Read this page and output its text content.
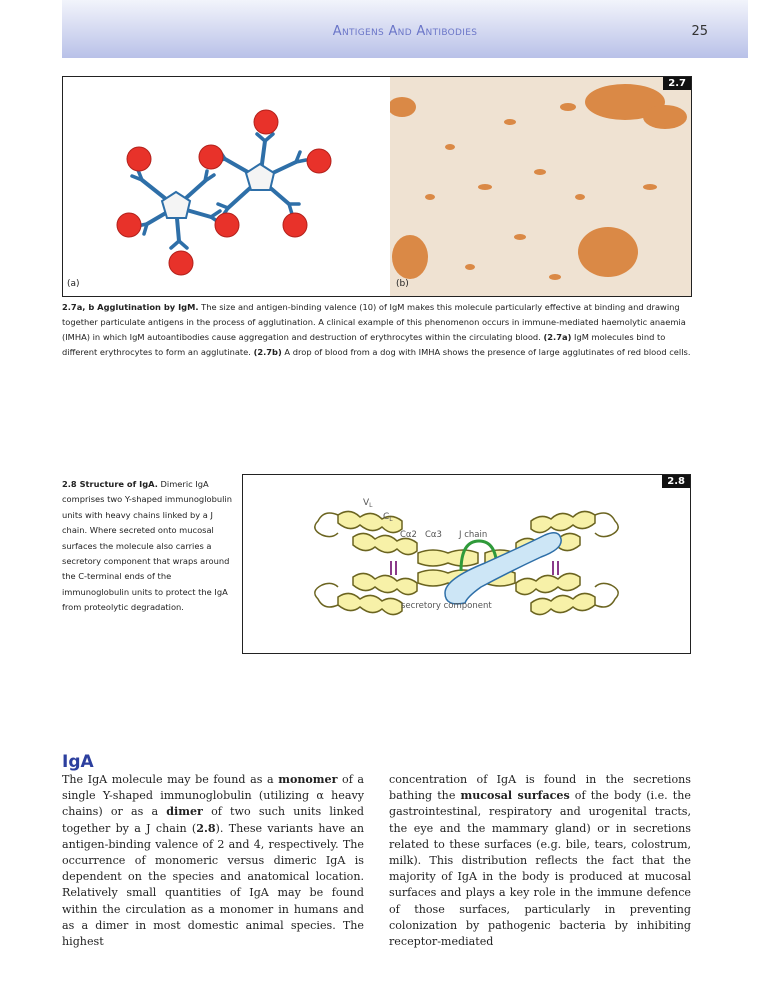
Antigens And Antibodies	25
2.7
(a)	(b)
2.7a, b Agglutination by IgM. The size and antigen-binding valence (10) of IgM makes this molecule particularly effective at binding and drawing together particulate antigens in the process of agglutination. A clinical example of this phenomenon occurs in immune-mediated haemolytic anaemia (IMHA) in which IgM autoantibodies cause aggregation and destruction of erythrocytes within the circulating blood. (2.7a) IgM molecules bind to different erythrocytes to form an agglutinate. (2.7b) A drop of blood from a dog with IMHA shows the presence of large agglutinates of red blood cells.
2.8 Structure of IgA. Dimeric IgA comprises two Y-shaped immunoglobulin units with heavy chains linked by a J chain. Where secreted onto mucosal surfaces the molecule also carries a secretory component that wraps around the C-terminal ends of the immunoglobulin units to protect the IgA from proteolytic degradation.
$V_L$
$C_L$
Cα2 Cα3 J chain
secretory component
2.8
IgA
The IgA molecule may be found as a monomer of a single Y-shaped immunoglobulin (utilizing α heavy chains) or as a dimer of two such units linked together by a J chain (2.8). These variants have an antigen-binding valence of 2 and 4, respectively. The occurrence of monomeric versus dimeric IgA is dependent on the species and anatomical location. Relatively small quantities of IgA may be found within the circulation as a monomer in humans and as a dimer in most domestic animal species. The highest
concentration of IgA is found in the secretions bathing the mucosal surfaces of the body (i.e. the gastrointestinal, respiratory and urogenital tracts, the eye and the mammary gland) or in secretions related to these surfaces (e.g. bile, tears, colostrum, milk). This distribution reflects the fact that the majority of IgA in the body is produced at mucosal surfaces and plays a key role in the immune defence of those surfaces, particularly in preventing colonization by pathogenic bacteria by inhibiting receptor-mediated
